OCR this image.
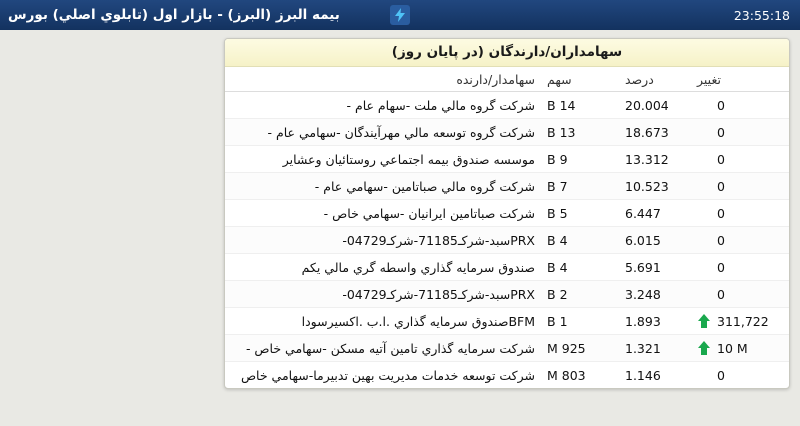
23:55:18
بیمه البرز (البرز) - بازار اول (تابلوي اصلي) بورس
سهامداران/دارندگان (در پایان روز)
تغییر	درصد	سهم	سهامدار/دارنده

0	20.004	14 B	شرکت گروه مالي ملت -سهام عام -

0	18.673	13 B	شرکت گروه توسعه مالي مهرآيندگان -سهامي عام -

0	13.312	9 B	موسسه صندوق بيمه اجتماعي روستائيان وعشاير

0	10.523	7 B	شرکت گروه مالي صباتامين -سهامي عام -

0	6.447	5 B	شرکت صباتامين ايرانيان -سهامي خاص -

0	6.015	4 B	PRXسبد-شرکـ71185-شرکـ04729-

0	5.691	4 B	صندوق سرمايه گذاري واسطه گري مالي يکم

0	3.248	2 B	PRXسبد-شرکـ71185-شرکـ04729-

311,722	1.893	1 B	BFMصندوق سرمايه گذاري .ا.ب .اکسيرسودا

10 M	1.321	925 M	شرکت سرمايه گذاري تامين آتيه مسکن -سهامي خاص -

0	1.146	803 M	شرکت توسعه خدمات مديريت بهين تدبيرما-سهامي خاص
